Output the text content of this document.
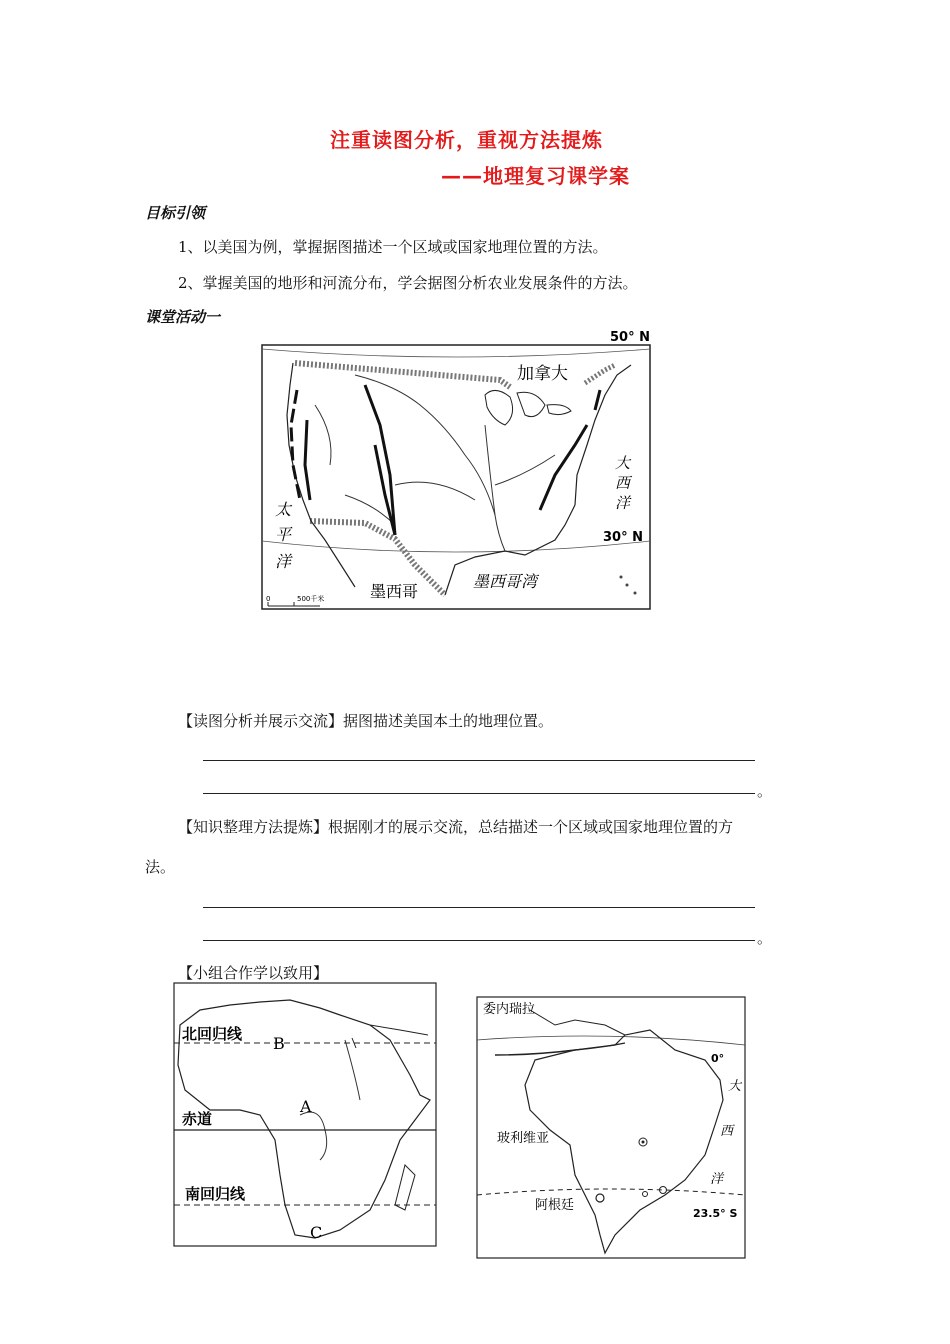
注重读图分析，重视方法提炼
——地理复习课学案
目标引领
1、以美国为例，掌握据图描述一个区域或国家地理位置的方法。
2、掌握美国的地形和河流分布，学会据图分析农业发展条件的方法。
课堂活动一
50° N
30° N
加拿大
大
西
洋
太
平
洋
墨西哥
墨西哥湾
0	500千米
【读图分析并展示交流】据图描述美国本土的地理位置。
。
【知识整理方法提炼】根据刚才的展示交流，总结描述一个区域或国家地理位置的方
法。
。
【小组合作学以致用】
北回归线
赤道
南回归线
B
A
C
委内瑞拉
0°
大
西
洋
玻利维亚
阿根廷
23.5° S
